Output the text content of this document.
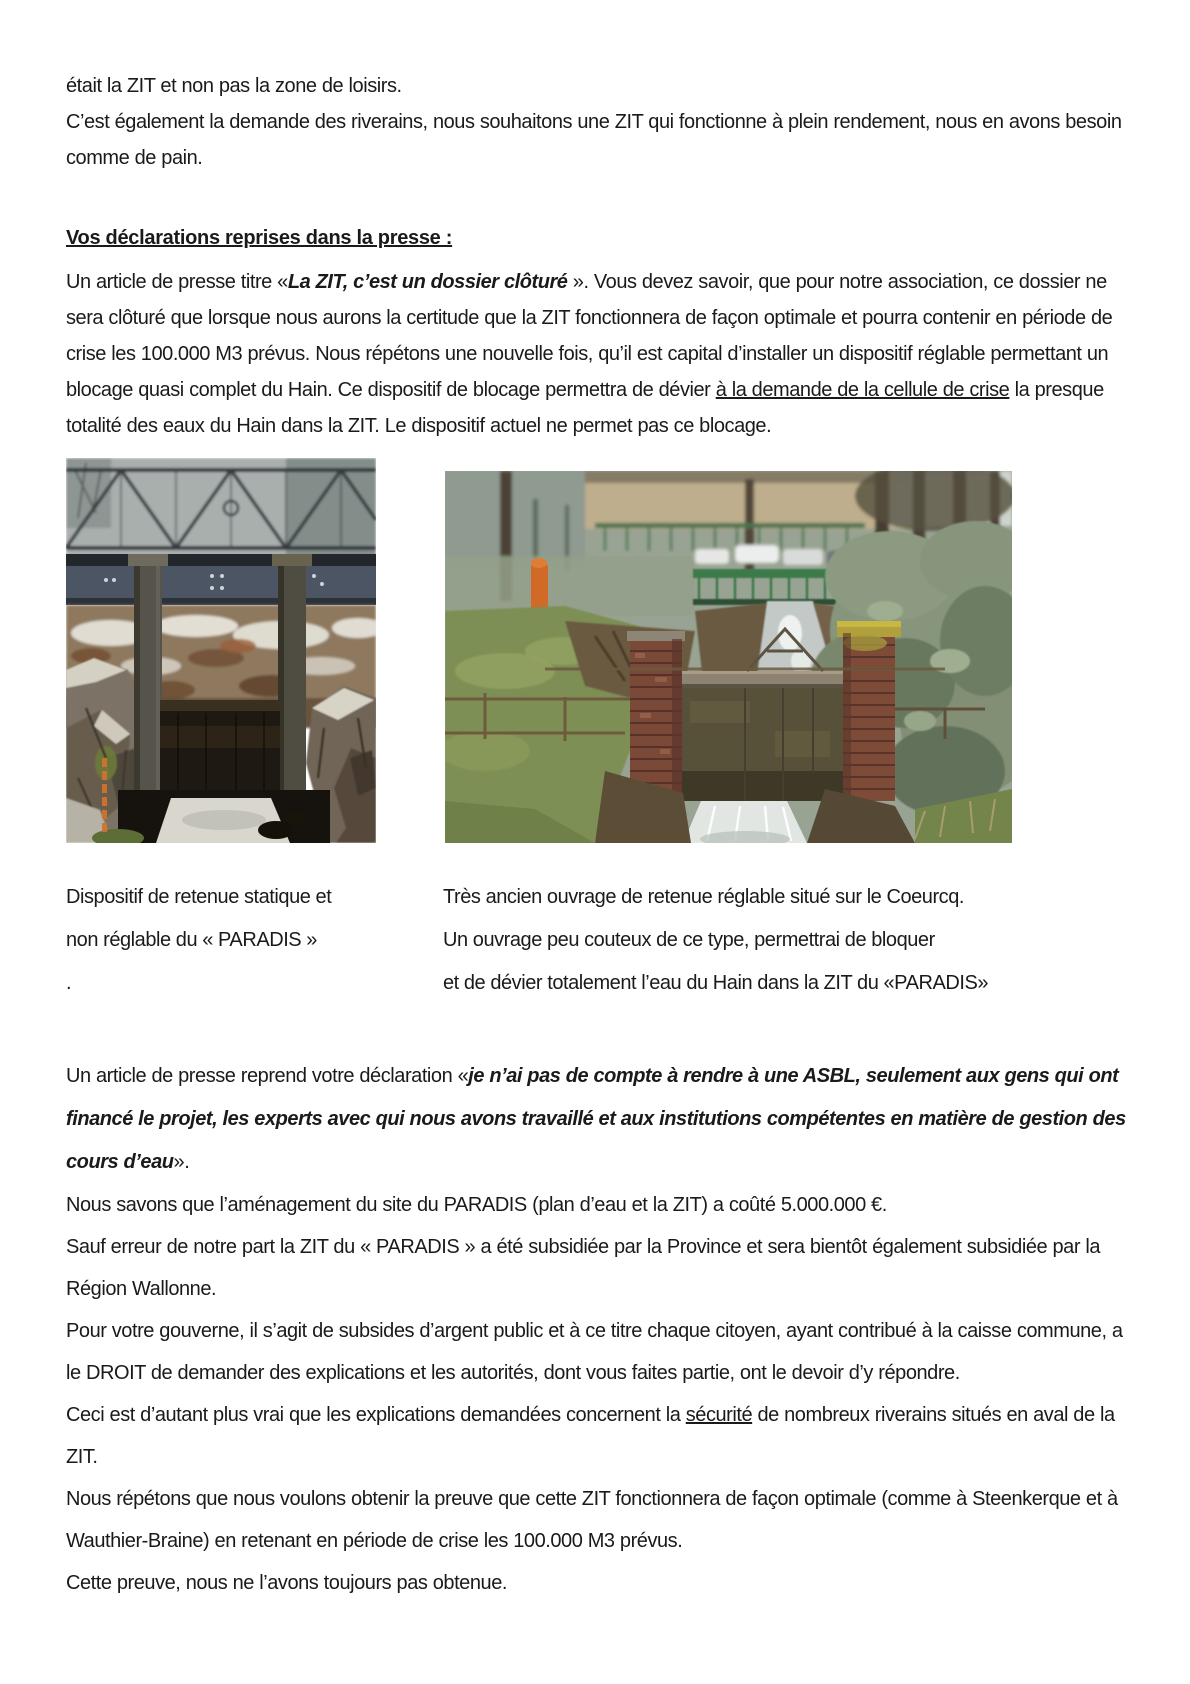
était la ZIT et non pas la zone de loisirs.

C’est également la demande des riverains, nous souhaitons une ZIT qui fonctionne à plein rendement, nous en avons besoin comme de pain.

Vos déclarations reprises dans la presse :

Un article de presse titre «La ZIT, c’est un dossier clôturé ». Vous devez savoir, que pour notre association, ce dossier ne sera clôturé que lorsque nous aurons la certitude que la ZIT fonctionnera de façon optimale et pourra contenir en période de crise les 100.000 M3 prévus. Nous répétons une nouvelle fois, qu’il est capital d’installer un dispositif réglable permettant un blocage quasi complet du Hain. Ce dispositif de blocage permettra de dévier à la demande de la cellule de crise la presque totalité des eaux du Hain dans la ZIT. Le dispositif actuel ne permet pas ce blocage.

Dispositif de retenue statique et
non réglable du « PARADIS »
.
Très ancien ouvrage de retenue réglable situé sur le Coeurcq.
Un ouvrage peu couteux de ce type, permettrai de bloquer
et de dévier totalement l’eau du Hain dans la ZIT du «PARADIS»

Un article de presse reprend votre déclaration «je n’ai pas de compte à rendre à une ASBL, seulement aux gens qui ont financé le projet, les experts avec qui nous avons travaillé et aux institutions compétentes en matière de gestion des cours d’eau».

Nous savons que l’aménagement du site du PARADIS (plan d’eau et la ZIT) a coûté 5.000.000 €.

Sauf erreur de notre part la ZIT du « PARADIS » a été subsidiée par la Province et sera bientôt également subsidiée par la Région Wallonne.

Pour votre gouverne, il s’agit de subsides d’argent public et à ce titre chaque citoyen, ayant contribué à la caisse commune, a le DROIT de demander des explications et les autorités, dont vous faites partie, ont le devoir d’y répondre.

Ceci est d’autant plus vrai que les explications demandées concernent la sécurité de nombreux riverains situés en aval de la ZIT.

Nous répétons que nous voulons obtenir la preuve que cette ZIT fonctionnera de façon optimale (comme à Steenkerque et à Wauthier-Braine) en retenant en période de crise les 100.000 M3 prévus.

Cette preuve, nous ne l’avons toujours pas obtenue.
